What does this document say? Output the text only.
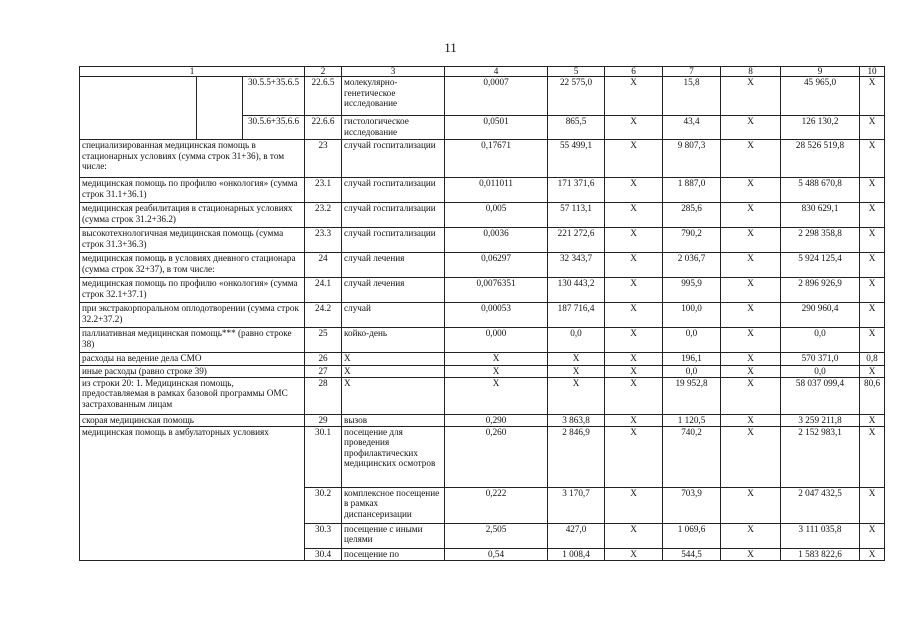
11
1			2	3	4	5	6	7	8	9	10
		30.5.5+35.6.5	22.6.5	молекулярно-генетическое исследование	0,0007	22 575,0	X	15,8	X	45 965,0	X
		30.5.6+35.6.6	22.6.6	гистологическое исследование	0,0501	865,5	X	43,4	X	126 130,2	X
специализированная медицинская помощь в стационарных условиях (сумма строк 31+36), в том числе:			23	случай госпитализации	0,17671	55 499,1	X	9 807,3	X	28 526 519,8	X
медицинская помощь по профилю «онкология» (сумма строк 31.1+36.1)			23.1	случай госпитализации	0,011011	171 371,6	X	1 887,0	X	5 488 670,8	X
медицинская реабилитация в стационарных условиях (сумма строк 31.2+36.2)			23.2	случай госпитализации	0,005	57 113,1	X	285,6	X	830 629,1	X
высокотехнологичная медицинская помощь (сумма строк 31.3+36.3)			23.3	случай госпитализации	0,0036	221 272,6	X	790,2	X	2 298 358,8	X
медицинская помощь в условиях дневного стационара (сумма строк 32+37), в том числе:			24	случай лечения	0,06297	32 343,7	X	2 036,7	X	5 924 125,4	X
медицинская помощь по профилю «онкология» (сумма строк 32.1+37.1)			24.1	случай лечения	0,0076351	130 443,2	X	995,9	X	2 896 926,9	X
при экстракорпоральном оплодотворении (сумма строк 32.2+37.2)			24.2	случай	0,00053	187 716,4	X	100,0	X	290 960,4	X
паллиативная медицинская помощь*** (равно строке 38)			25	койко-день	0,000	0,0	X	0,0	X	0,0	X
расходы на ведение дела СМО			26	X	X	X	X	196,1	X	570 371,0	0,8
иные расходы (равно строке 39)			27	X	X	X	X	0,0	X	0,0	X
из строки 20: 1. Медицинская помощь, предоставляемая в рамках базовой программы ОМС застрахованным лицам			28	X	X	X	X	19 952,8	X	58 037 099,4	80,6
скорая медицинская помощь			29	вызов	0,290	3 863,8	X	1 120,5	X	3 259 211,8	X
медицинская помощь в амбулаторных условиях			30.1	посещение для проведения профилактических медицинских осмотров	0,260	2 846,9	X	740,2	X	2 152 983,1	X
			30.2	комплексное посещение в рамках диспансеризации	0,222	3 170,7	X	703,9	X	2 047 432,5	X
			30.3	посещение с иными целями	2,505	427,0	X	1 069,6	X	3 111 035,8	X
			30.4	посещение по	0,54	1 008,4	X	544,5	X	1 583 822,6	X
